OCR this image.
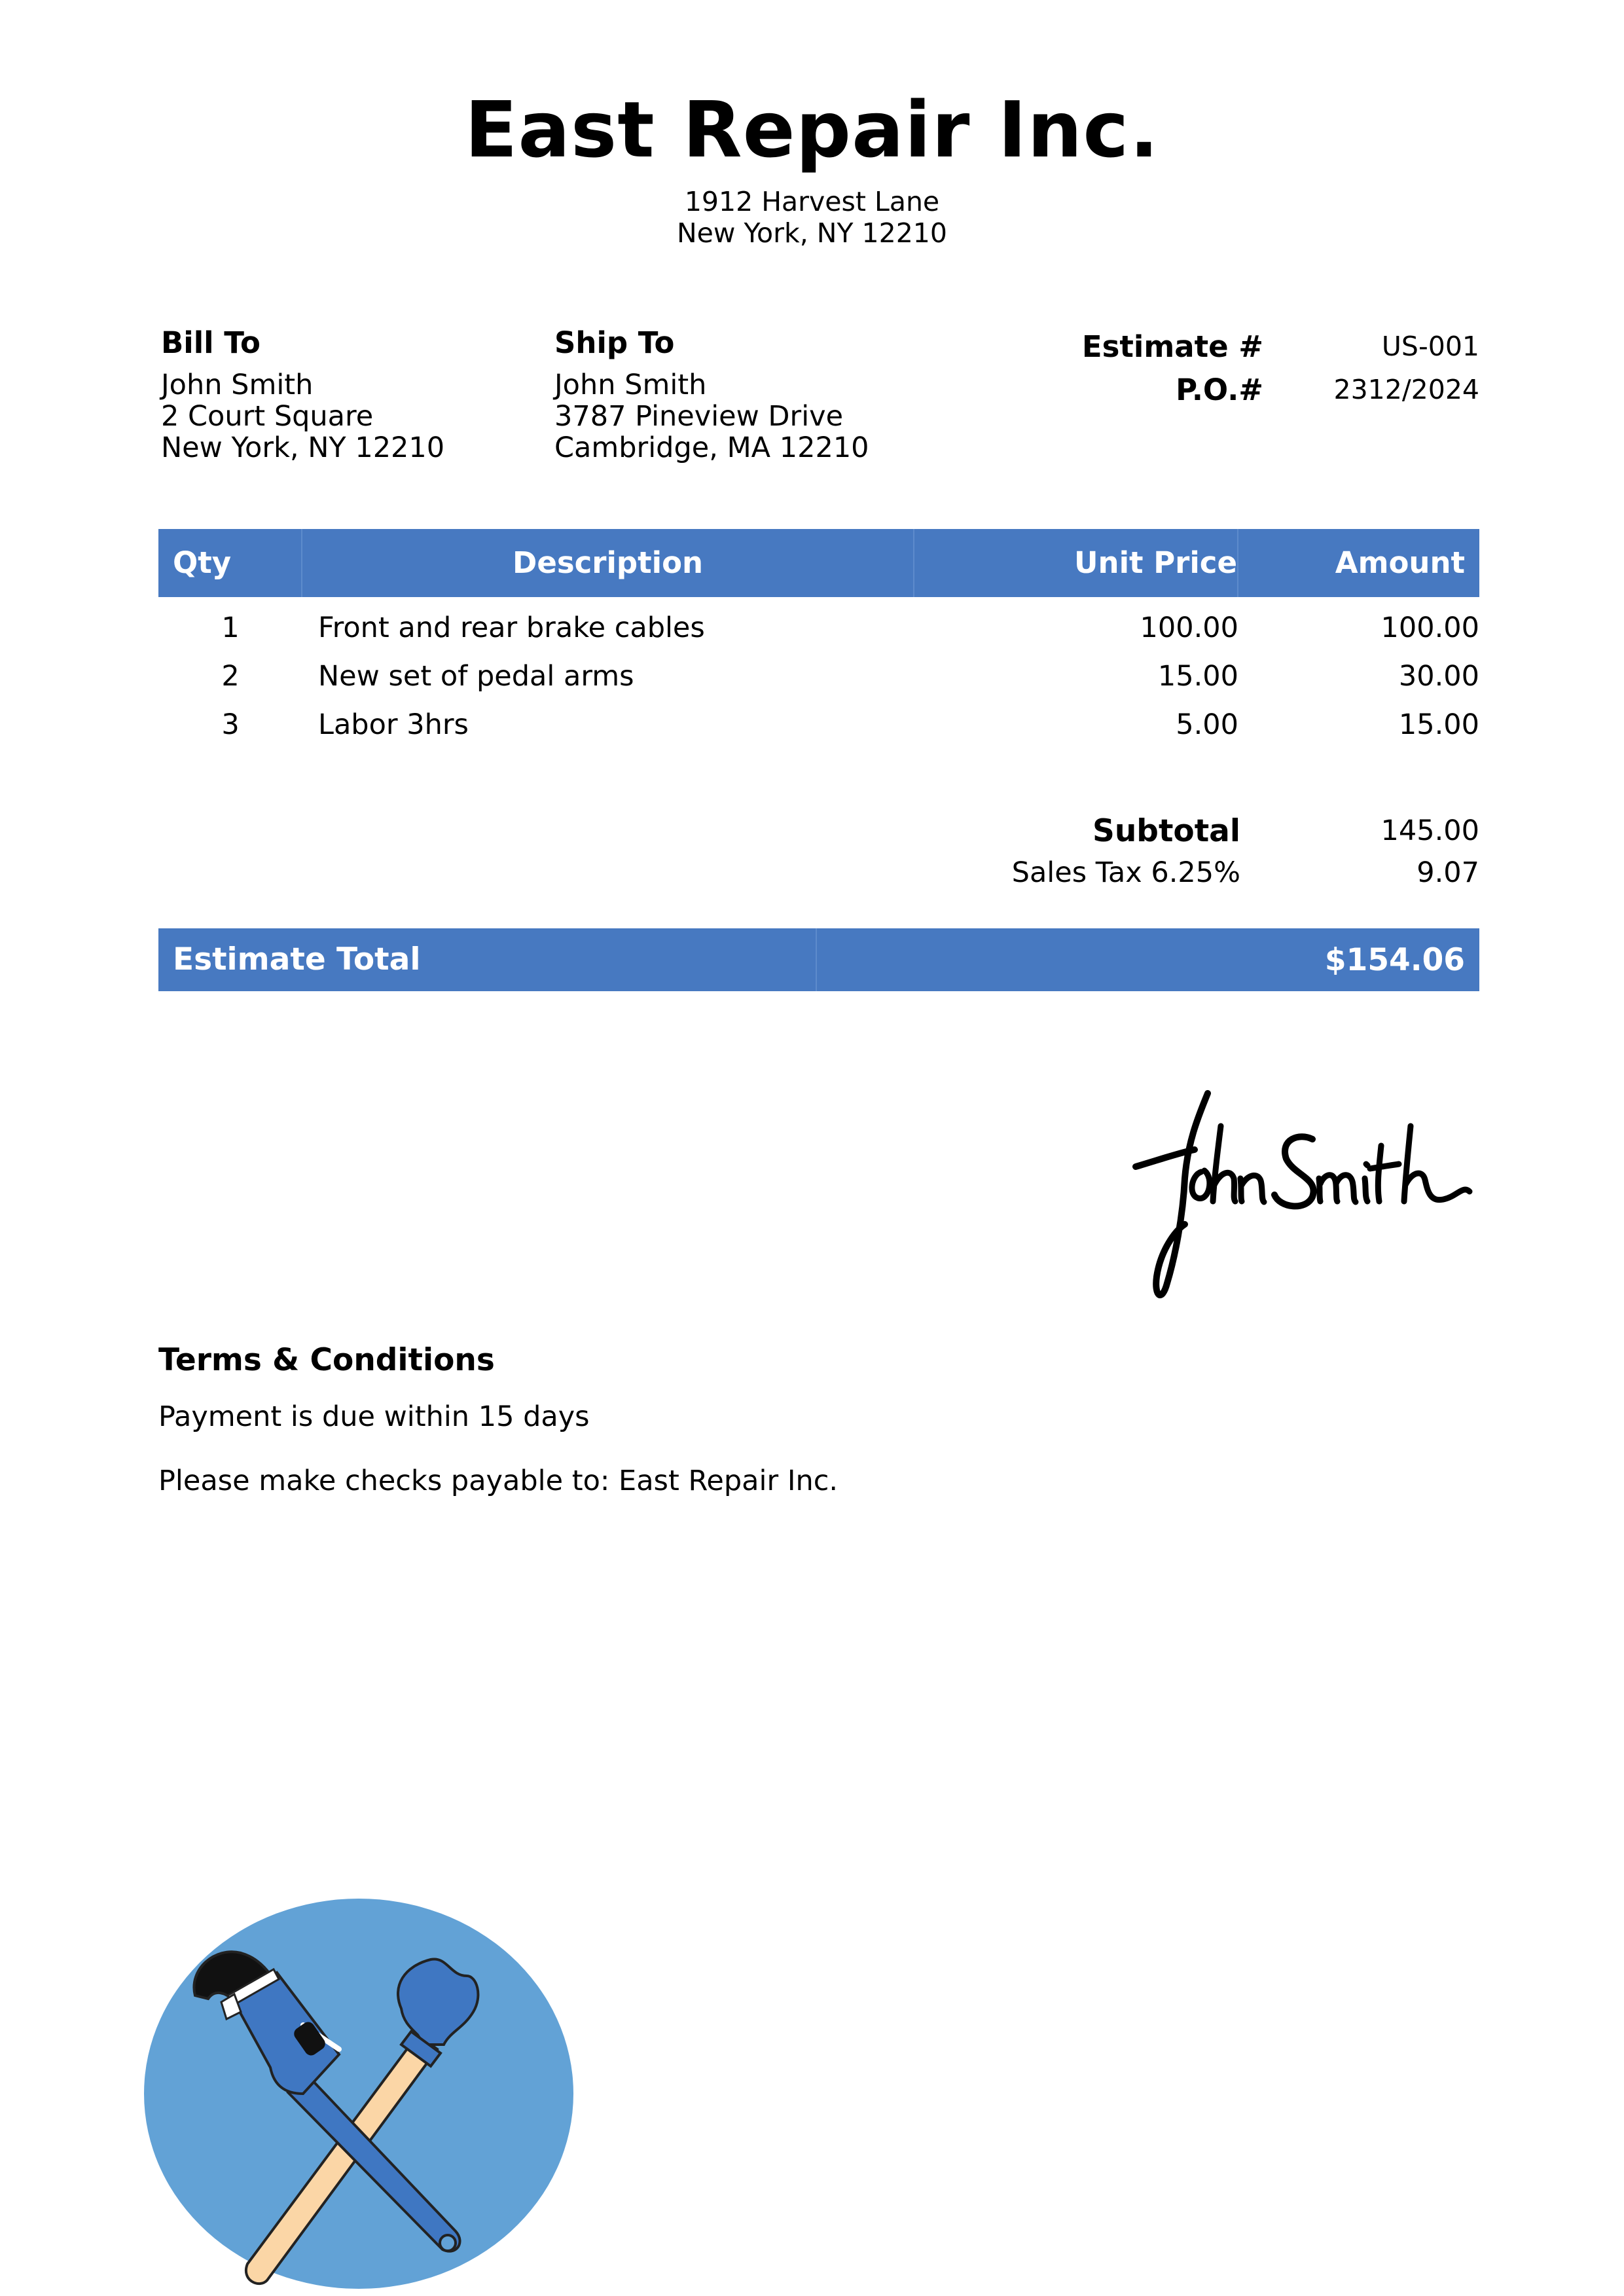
East Repair Inc.
1912 Harvest Lane
New York, NY 12210
Bill To
John Smith
2 Court Square
New York, NY 12210
Ship To
John Smith
3787 Pineview Drive
Cambridge, MA 12210
Estimate #	US-001
P.O.#	2312/2024
Qty	Description	Unit Price	Amount
1	Front and rear brake cables	100.00	100.00
2	New set of pedal arms	15.00	30.00
3	Labor 3hrs	5.00	15.00
Subtotal	145.00
Sales Tax 6.25%	9.07
Estimate Total	$154.06
Terms & Conditions
Payment is due within 15 days
Please make checks payable to: East Repair Inc.
